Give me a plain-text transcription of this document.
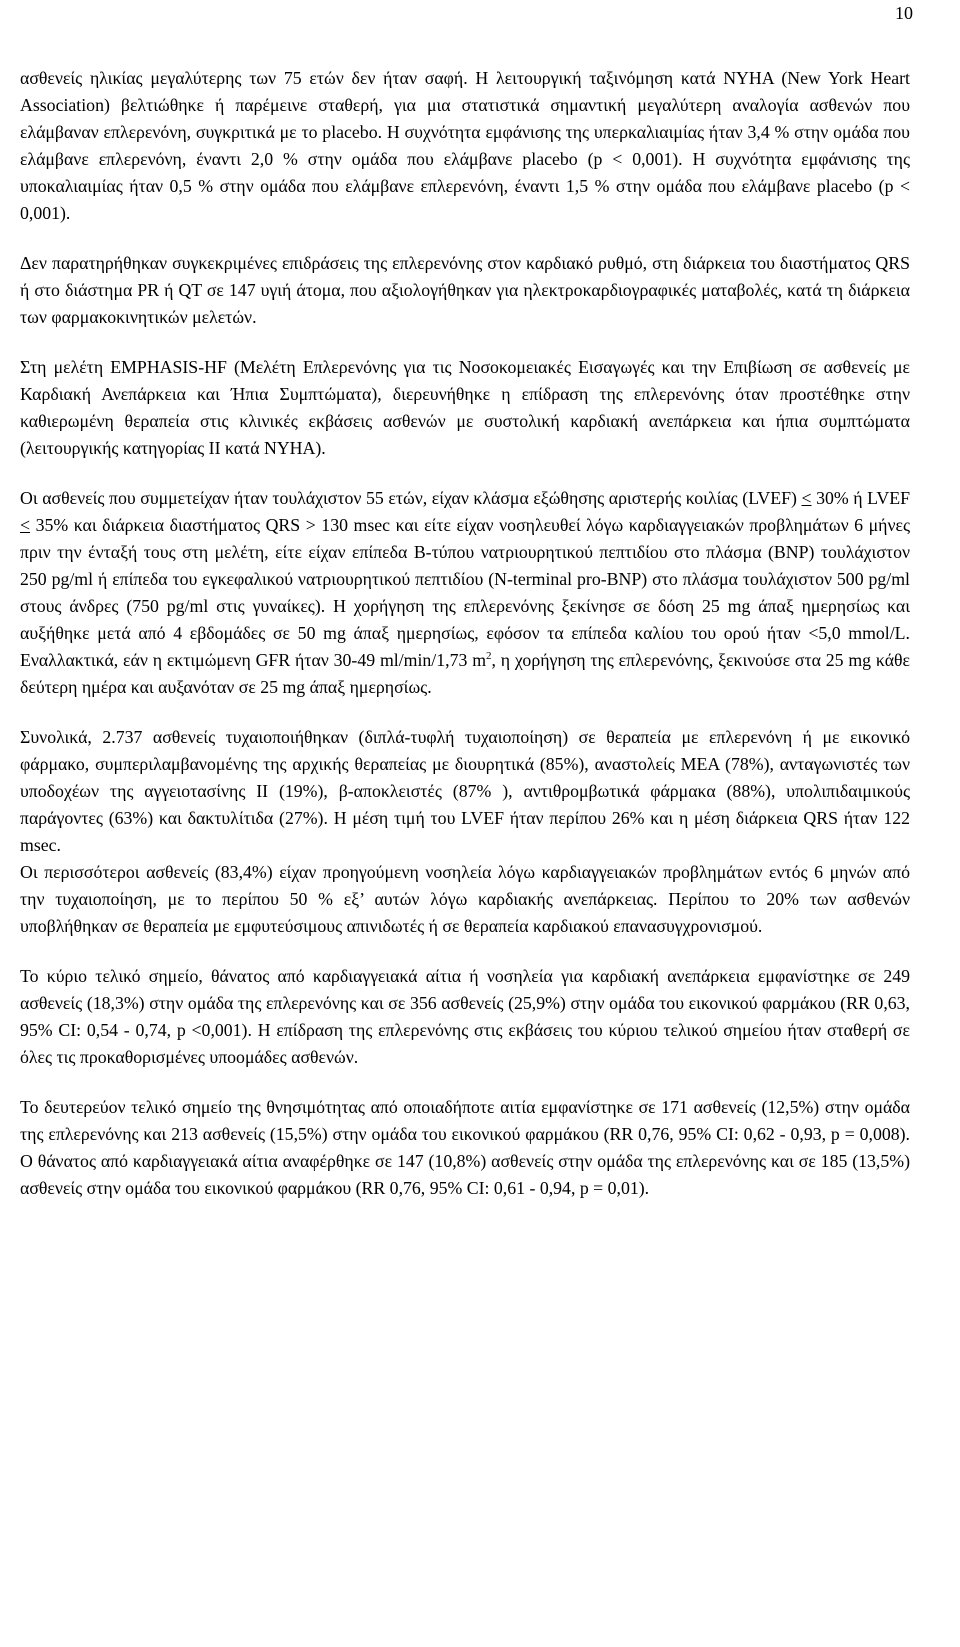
10

ασθενείς ηλικίας μεγαλύτερης των 75 ετών δεν ήταν σαφή. Η λειτουργική ταξινόμηση κατά NYHA (New York Heart Association) βελτιώθηκε ή παρέμεινε σταθερή, για μια στατιστικά σημαντική μεγαλύτερη αναλογία ασθενών που ελάμβαναν επλερενόνη, συγκριτικά με το placebo. Η συχνότητα εμφάνισης της υπερκαλιαιμίας ήταν 3,4 % στην ομάδα που ελάμβανε επλερενόνη, έναντι 2,0 % στην ομάδα που ελάμβανε placebo (p < 0,001). Η συχνότητα εμφάνισης της υποκαλιαιμίας ήταν 0,5 % στην ομάδα που ελάμβανε επλερενόνη, έναντι 1,5 % στην ομάδα που ελάμβανε placebo (p < 0,001).

Δεν παρατηρήθηκαν συγκεκριμένες επιδράσεις της επλερενόνης στον καρδιακό ρυθμό, στη διάρκεια του διαστήματος QRS ή στο διάστημα PR ή QT σε 147 υγιή άτομα, που αξιολογήθηκαν για ηλεκτροκαρδιογραφικές ματαβολές, κατά τη διάρκεια των φαρμακοκινητικών μελετών.

Στη μελέτη EMPHASIS-HF (Μελέτη Επλερενόνης για τις Νοσοκομειακές Εισαγωγές και την Επιβίωση σε ασθενείς με Καρδιακή Ανεπάρκεια και Ήπια Συμπτώματα), διερευνήθηκε η επίδραση της επλερενόνης όταν προστέθηκε στην καθιερωμένη θεραπεία στις κλινικές εκβάσεις ασθενών με συστολική καρδιακή ανεπάρκεια και ήπια συμπτώματα (λειτουργικής κατηγορίας II κατά NYHA).

Οι ασθενείς που συμμετείχαν ήταν τουλάχιστον 55 ετών, είχαν κλάσμα εξώθησης αριστερής κοιλίας (LVEF) ≤ 30% ή LVEF ≤ 35% και διάρκεια διαστήματος QRS > 130 msec και είτε είχαν νοσηλευθεί λόγω καρδιαγγειακών προβλημάτων 6 μήνες πριν την ένταξή τους στη μελέτη, είτε είχαν επίπεδα Β-τύπου νατριουρητικού πεπτιδίου στο πλάσμα (BNP) τουλάχιστον 250 pg/ml ή επίπεδα του εγκεφαλικού νατριουρητικού πεπτιδίου (N-terminal pro-BNP) στο πλάσμα τουλάχιστον 500 pg/ml στους άνδρες (750 pg/ml στις γυναίκες). Η χορήγηση της επλερενόνης ξεκίνησε σε δόση 25 mg άπαξ ημερησίως και αυξήθηκε μετά από 4 εβδομάδες σε 50 mg άπαξ ημερησίως, εφόσον τα επίπεδα καλίου του ορού ήταν <5,0 mmol/L. Εναλλακτικά, εάν η εκτιμώμενη GFR ήταν 30-49 ml/min/1,73 $m^2$, η χορήγηση της επλερενόνης, ξεκινούσε στα 25 mg κάθε δεύτερη ημέρα και αυξανόταν σε 25 mg άπαξ ημερησίως.

Συνολικά, 2.737 ασθενείς τυχαιοποιήθηκαν (διπλά-τυφλή τυχαιοποίηση) σε θεραπεία με επλερενόνη ή με εικονικό φάρμακο, συμπεριλαμβανομένης της αρχικής θεραπείας με διουρητικά (85%), αναστολείς ΜΕΑ (78%), ανταγωνιστές των υποδοχέων της αγγειοτασίνης II (19%), β-αποκλειστές (87% ), αντιθρομβωτικά φάρμακα (88%), υπολιπιδαιμικούς παράγοντες (63%) και δακτυλίτιδα (27%). Η μέση τιμή του LVEF ήταν περίπου 26% και η μέση διάρκεια QRS ήταν 122 msec.

Οι περισσότεροι ασθενείς (83,4%) είχαν προηγούμενη νοσηλεία λόγω καρδιαγγειακών προβλημάτων εντός 6 μηνών από την τυχαιοποίηση, με το περίπου 50 % εξ’ αυτών λόγω καρδιακής ανεπάρκειας. Περίπου το 20% των ασθενών υποβλήθηκαν σε θεραπεία με εμφυτεύσιμους απινιδωτές ή σε θεραπεία καρδιακού επανασυγχρονισμού.

Το κύριο τελικό σημείο, θάνατος από καρδιαγγειακά αίτια ή νοσηλεία για καρδιακή ανεπάρκεια εμφανίστηκε σε 249 ασθενείς (18,3%) στην ομάδα της επλερενόνης και σε 356 ασθενείς (25,9%) στην ομάδα του εικονικού φαρμάκου (RR 0,63, 95% CI: 0,54 - 0,74, p <0,001). Η επίδραση της επλερενόνης στις εκβάσεις του κύριου τελικού σημείου ήταν σταθερή σε όλες τις προκαθορισμένες υποομάδες ασθενών.

Το δευτερεύον τελικό σημείο της θνησιμότητας από οποιαδήποτε αιτία εμφανίστηκε σε 171 ασθενείς (12,5%) στην ομάδα της επλερενόνης και 213 ασθενείς (15,5%) στην ομάδα του εικονικού φαρμάκου (RR 0,76, 95% CI: 0,62 - 0,93, p = 0,008). Ο θάνατος από καρδιαγγειακά αίτια αναφέρθηκε σε 147 (10,8%) ασθενείς στην ομάδα της επλερενόνης και σε 185 (13,5%) ασθενείς στην ομάδα του εικονικού φαρμάκου (RR 0,76, 95% CI: 0,61 - 0,94, p = 0,01).
